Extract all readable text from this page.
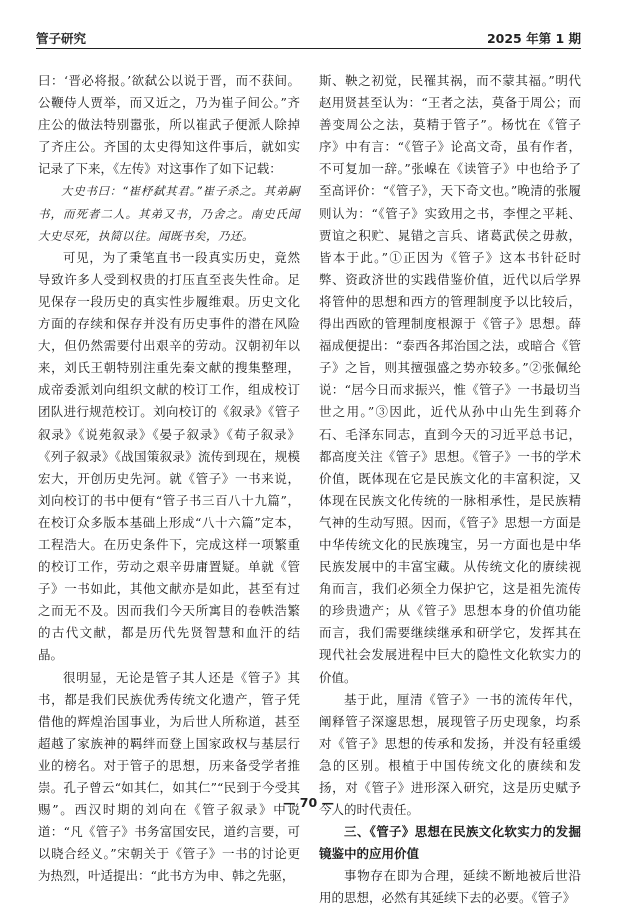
管子研究	2025 年第 1 期

曰：‘晋必将报。’欲弑公以说于晋，而不获间。公鞭侍人贾举，而又近之，乃为崔子间公。”齐庄公的做法特别嚣张，所以崔武子便派人除掉了齐庄公。齐国的太史得知这件事后，就如实记录了下来，《左传》对这事作了如下记载：

大史书曰：“崔杼弑其君。”崔子杀之。其弟嗣书，而死者二人。其弟又书，乃舍之。南史氏闻大史尽死，执简以往。闻既书矣，乃还。

可见，为了秉笔直书一段真实历史，竟然导致许多人受到权贵的打压直至丧失性命。足见保存一段历史的真实性步履维艰。历史文化方面的存续和保存并没有历史事件的潜在风险大，但仍然需要付出艰辛的劳动。汉朝初年以来，刘氏王朝特别注重先秦文献的搜集整理，成帝委派刘向组织文献的校订工作，组成校订团队进行规范校订。刘向校订的《叙录》《管子叙录》《说苑叙录》《晏子叙录》《荀子叙录》《列子叙录》《战国策叙录》流传到现在，规模宏大，开创历史先河。就《管子》一书来说，刘向校订的书中便有“管子书三百八十九篇”，在校订众多版本基础上形成“八十六篇”定本，工程浩大。在历史条件下，完成这样一项繁重的校订工作，劳动之艰辛毋庸置疑。单就《管子》一书如此，其他文献亦是如此，甚至有过之而无不及。因而我们今天所寓目的卷帙浩繁的古代文献，都是历代先贤智慧和血汗的结晶。

很明显，无论是管子其人还是《管子》其书，都是我们民族优秀传统文化遗产，管子凭借他的辉煌治国事业，为后世人所称道，甚至超越了家族神的羁绊而登上国家政权与基层行业的榜名。对于管子的思想，历来备受学者推崇。孔子曾云“如其仁，如其仁”“民到于今受其赐”。西汉时期的刘向在《管子叙录》中说道：“凡《管子》书务富国安民，道约言要，可以晓合经义。”宋朝关于《管子》一书的讨论更为热烈，叶适提出：“此书方为申、韩之先驱，

斯、鞅之初觉，民罹其祸，而不蒙其福。”明代赵用贤甚至认为：“王者之法，莫备于周公；而善变周公之法，莫精于管子”。杨忱在《管子序》中有言：“《管子》论高文奇，虽有作者，不可复加一辞。”张嵲在《读管子》中也给予了至高评价：“《管子》，天下奇文也。”晚清的张履则认为：“《管子》实致用之书，李悝之平耗、贾谊之积贮、晁错之言兵、诸葛武侯之毋赦，皆本于此。”①正因为《管子》这本书针砭时弊、资政济世的实践借鉴价值，近代以后学界将管仲的思想和西方的管理制度予以比较后，得出西欧的管理制度根源于《管子》思想。薛福成便提出：“泰西各邦治国之法，或暗合《管子》之旨，则其擅强盛之势亦较多。”②张佩纶说：“居今日而求振兴，惟《管子》一书最切当世之用。”③因此，近代从孙中山先生到蒋介石、毛泽东同志，直到今天的习近平总书记，都高度关注《管子》思想。《管子》一书的学术价值，既体现在它是民族文化的丰富积淀，又体现在民族文化传统的一脉相承性，是民族精气神的生动写照。因而，《管子》思想一方面是中华传统文化的民族瑰宝，另一方面也是中华民族发展中的丰富宝藏。从传统文化的赓续视角而言，我们必须全力保护它，这是祖先流传的珍贵遗产；从《管子》思想本身的价值功能而言，我们需要继续继承和研学它，发挥其在现代社会发展进程中巨大的隐性文化软实力的价值。

基于此，厘清《管子》一书的流传年代，阐释管子深邃思想，展现管子历史现象，均系对《管子》思想的传承和发扬，并没有轻重缓急的区别。根植于中国传统文化的赓续和发扬，对《管子》进形深入研究，这是历史赋予今人的时代责任。

三、《管子》思想在民族文化软实力的发掘镜鉴中的应用价值

事物存在即为合理，延续不断地被后世沿用的思想，必然有其延续下去的必要。《管子》

— 70 —
